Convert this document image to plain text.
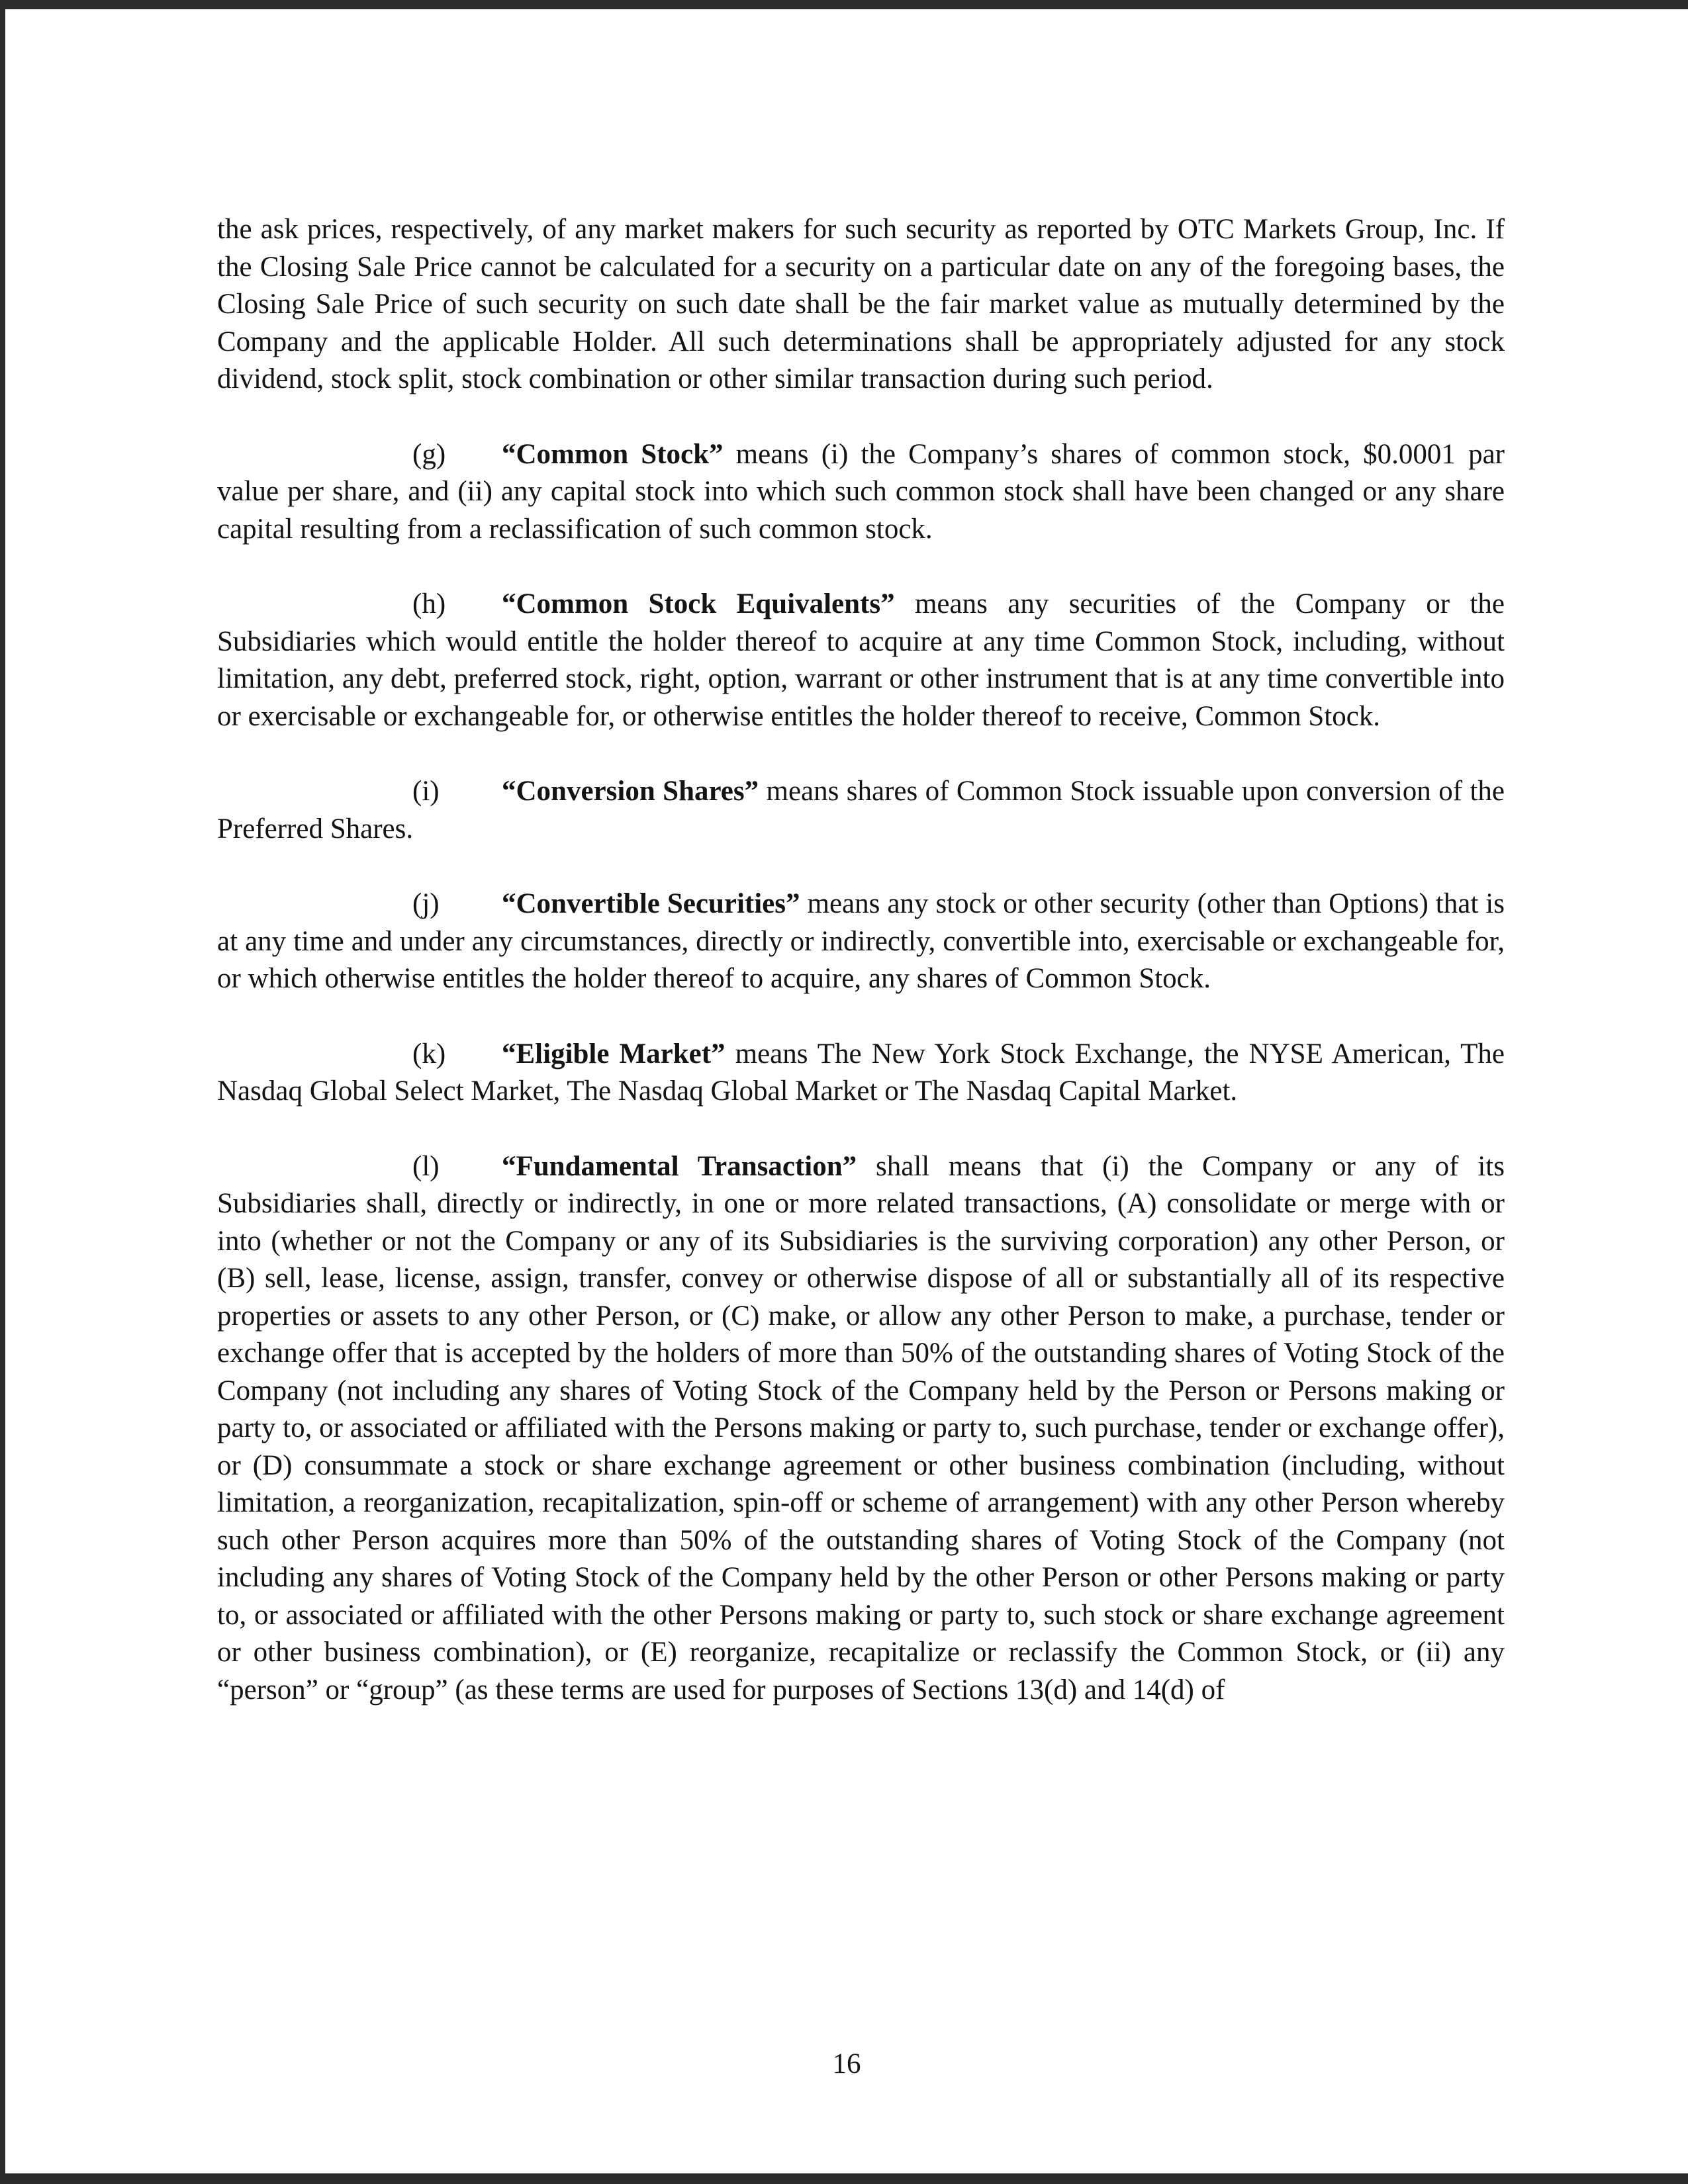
the ask prices, respectively, of any market makers for such security as reported by OTC Markets Group, Inc. If the Closing Sale Price cannot be calculated for a security on a particular date on any of the foregoing bases, the Closing Sale Price of such security on such date shall be the fair market value as mutually determined by the Company and the applicable Holder. All such determinations shall be appropriately adjusted for any stock dividend, stock split, stock combination or other similar transaction during such period.

(g) “Common Stock” means (i) the Company’s shares of common stock, $0.0001 par value per share, and (ii) any capital stock into which such common stock shall have been changed or any share capital resulting from a reclassification of such common stock.

(h) “Common Stock Equivalents” means any securities of the Company or the Subsidiaries which would entitle the holder thereof to acquire at any time Common Stock, including, without limitation, any debt, preferred stock, right, option, warrant or other instrument that is at any time convertible into or exercisable or exchangeable for, or otherwise entitles the holder thereof to receive, Common Stock.

(i) “Conversion Shares” means shares of Common Stock issuable upon conversion of the Preferred Shares.

(j) “Convertible Securities” means any stock or other security (other than Options) that is at any time and under any circumstances, directly or indirectly, convertible into, exercisable or exchangeable for, or which otherwise entitles the holder thereof to acquire, any shares of Common Stock.

(k) “Eligible Market” means The New York Stock Exchange, the NYSE American, The Nasdaq Global Select Market, The Nasdaq Global Market or The Nasdaq Capital Market.

(l) “Fundamental Transaction” shall means that (i) the Company or any of its Subsidiaries shall, directly or indirectly, in one or more related transactions, (A) consolidate or merge with or into (whether or not the Company or any of its Subsidiaries is the surviving corporation) any other Person, or (B) sell, lease, license, assign, transfer, convey or otherwise dispose of all or substantially all of its respective properties or assets to any other Person, or (C) make, or allow any other Person to make, a purchase, tender or exchange offer that is accepted by the holders of more than 50% of the outstanding shares of Voting Stock of the Company (not including any shares of Voting Stock of the Company held by the Person or Persons making or party to, or associated or affiliated with the Persons making or party to, such purchase, tender or exchange offer), or (D) consummate a stock or share exchange agreement or other business combination (including, without limitation, a reorganization, recapitalization, spin-off or scheme of arrangement) with any other Person whereby such other Person acquires more than 50% of the outstanding shares of Voting Stock of the Company (not including any shares of Voting Stock of the Company held by the other Person or other Persons making or party to, or associated or affiliated with the other Persons making or party to, such stock or share exchange agreement or other business combination), or (E) reorganize, recapitalize or reclassify the Common Stock, or (ii) any “person” or “group” (as these terms are used for purposes of Sections 13(d) and 14(d) of

16
